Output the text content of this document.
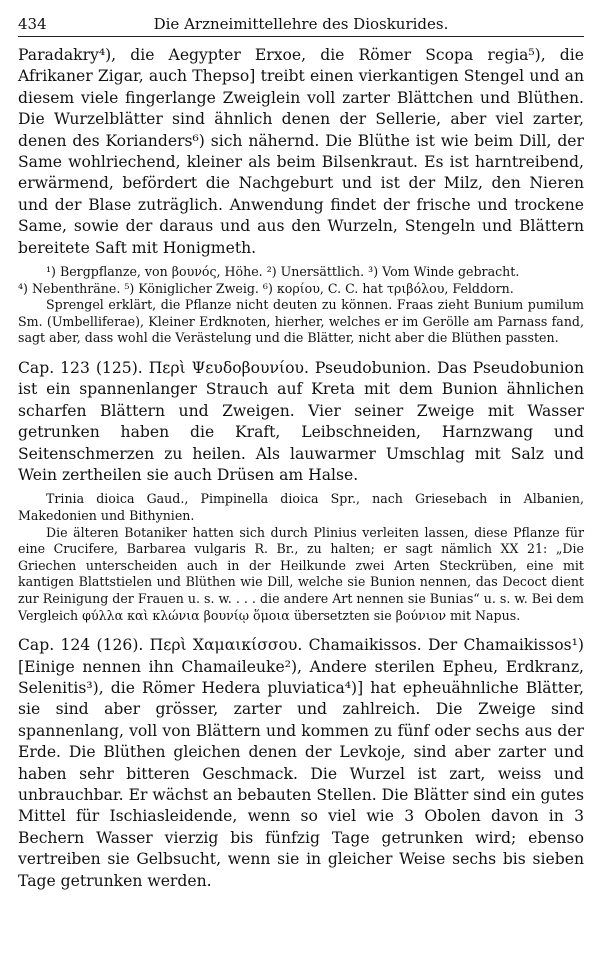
434	Die Arzneimittellehre des Dioskurides.

Paradakry⁴), die Aegypter Erxoe, die Römer Scopa regia⁵), die Afrikaner Zigar, auch Thepso] treibt einen vierkantigen Stengel und an diesem viele fingerlange Zweiglein voll zarter Blättchen und Blüthen. Die Wurzelblätter sind ähnlich denen der Sellerie, aber viel zarter, denen des Korianders⁶) sich nähernd. Die Blüthe ist wie beim Dill, der Same wohlriechend, kleiner als beim Bilsenkraut. Es ist harntreibend, erwärmend, befördert die Nachgeburt und ist der Milz, den Nieren und der Blase zuträglich. Anwendung findet der frische und trockene Same, sowie der daraus und aus den Wurzeln, Stengeln und Blättern bereitete Saft mit Honigmeth.

¹) Bergpflanze, von βουνός, Höhe. ²) Unersättlich. ³) Vom Winde gebracht.

⁴) Nebenthräne. ⁵) Königlicher Zweig. ⁶) κορίου, C. C. hat τριβόλου, Felddorn.

Sprengel erklärt, die Pflanze nicht deuten zu können. Fraas zieht Bunium pumilum Sm. (Umbelliferae), Kleiner Erdknoten, hierher, welches er im Gerölle am Parnass fand, sagt aber, dass wohl die Verästelung und die Blätter, nicht aber die Blüthen passten.

Cap. 123 (125). Περὶ Ψευδοβουνίου. Pseudobunion. Das Pseudobunion ist ein spannenlanger Strauch auf Kreta mit dem Bunion ähnlichen scharfen Blättern und Zweigen. Vier seiner Zweige mit Wasser getrunken haben die Kraft, Leibschneiden, Harnzwang und Seitenschmerzen zu heilen. Als lauwarmer Umschlag mit Salz und Wein zertheilen sie auch Drüsen am Halse.

Trinia dioica Gaud., Pimpinella dioica Spr., nach Griesebach in Albanien, Makedonien und Bithynien.

Die älteren Botaniker hatten sich durch Plinius verleiten lassen, diese Pflanze für eine Crucifere, Barbarea vulgaris R. Br., zu halten; er sagt nämlich XX 21: „Die Griechen unterscheiden auch in der Heilkunde zwei Arten Steckrüben, eine mit kantigen Blattstielen und Blüthen wie Dill, welche sie Bunion nennen, das Decoct dient zur Reinigung der Frauen u. s. w. . . . die andere Art nennen sie Bunias“ u. s. w. Bei dem Vergleich φύλλα καὶ κλώνια βουνίῳ ὅμοια übersetzten sie βούνιον mit Napus.

Cap. 124 (126). Περὶ Χαμαικίσσου. Chamaikissos. Der Chamaikissos¹) [Einige nennen ihn Chamaileuke²), Andere sterilen Epheu, Erdkranz, Selenitis³), die Römer Hedera pluviatica⁴)] hat epheuähnliche Blätter, sie sind aber grösser, zarter und zahlreich. Die Zweige sind spannenlang, voll von Blättern und kommen zu fünf oder sechs aus der Erde. Die Blüthen gleichen denen der Levkoje, sind aber zarter und haben sehr bitteren Geschmack. Die Wurzel ist zart, weiss und unbrauchbar. Er wächst an bebauten Stellen. Die Blätter sind ein gutes Mittel für Ischiasleidende, wenn so viel wie 3 Obolen davon in 3 Bechern Wasser vierzig bis fünfzig Tage getrunken wird; ebenso vertreiben sie Gelbsucht, wenn sie in gleicher Weise sechs bis sieben Tage getrunken werden.
